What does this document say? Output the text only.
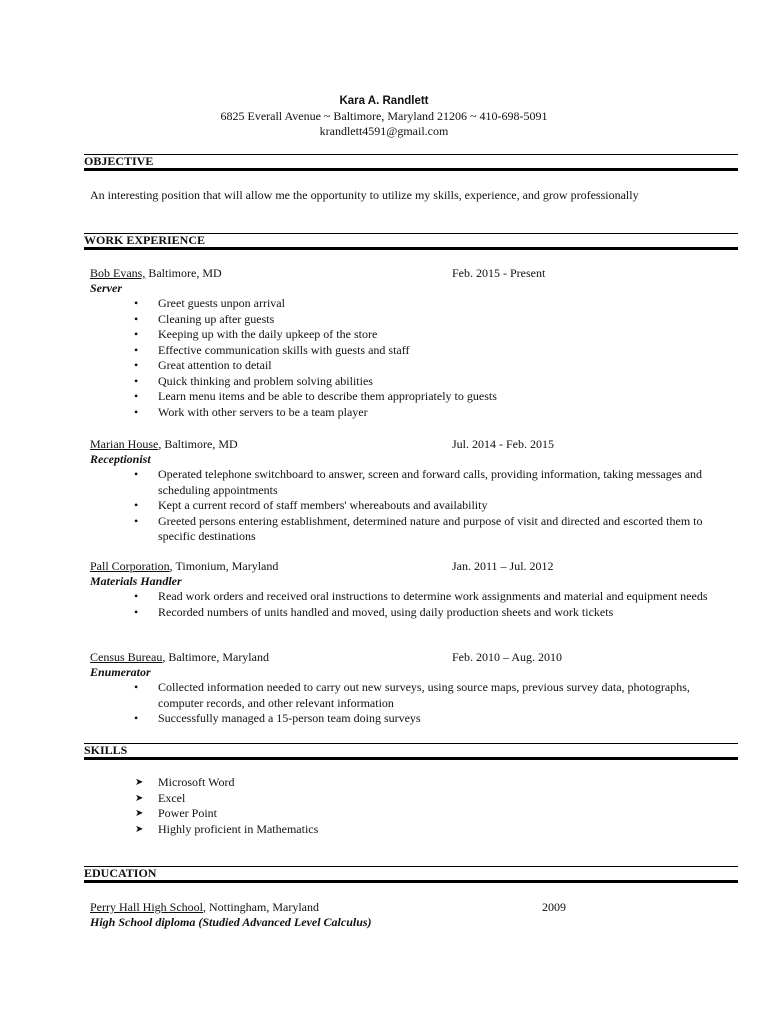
Kara A. Randlett
6825 Everall Avenue ~ Baltimore, Maryland 21206 ~ 410-698-5091
krandlett4591@gmail.com
OBJECTIVE
An interesting position that will allow me the opportunity to utilize my skills, experience, and grow professionally
WORK EXPERIENCE
Bob Evans, Baltimore, MD	Feb. 2015 - Present
Server
• Greet guests unpon arrival
• Cleaning up after guests
• Keeping up with the daily upkeep of the store
• Effective communication skills with guests and staff
• Great attention to detail
• Quick thinking and problem solving abilities
• Learn menu items and be able to describe them appropriately to guests
• Work with other servers to be a team player
Marian House, Baltimore, MD	Jul. 2014 - Feb. 2015
Receptionist
• Operated telephone switchboard to answer, screen and forward calls, providing information, taking messages and scheduling appointments
• Kept a current record of staff members' whereabouts and availability
• Greeted persons entering establishment, determined nature and purpose of visit and directed and escorted them to specific destinations
Pall Corporation, Timonium, Maryland	Jan. 2011 – Jul. 2012
Materials Handler
• Read work orders and received oral instructions to determine work assignments and material and equipment needs
• Recorded numbers of units handled and moved, using daily production sheets and work tickets
Census Bureau, Baltimore, Maryland	Feb. 2010 – Aug. 2010
Enumerator
• Collected information needed to carry out new surveys, using source maps, previous survey data, photographs, computer records, and other relevant information
• Successfully managed a 15-person team doing surveys
SKILLS
➤ Microsoft Word
➤ Excel
➤ Power Point
➤ Highly proficient in Mathematics
EDUCATION
Perry Hall High School, Nottingham, Maryland	2009
High School diploma (Studied Advanced Level Calculus)
